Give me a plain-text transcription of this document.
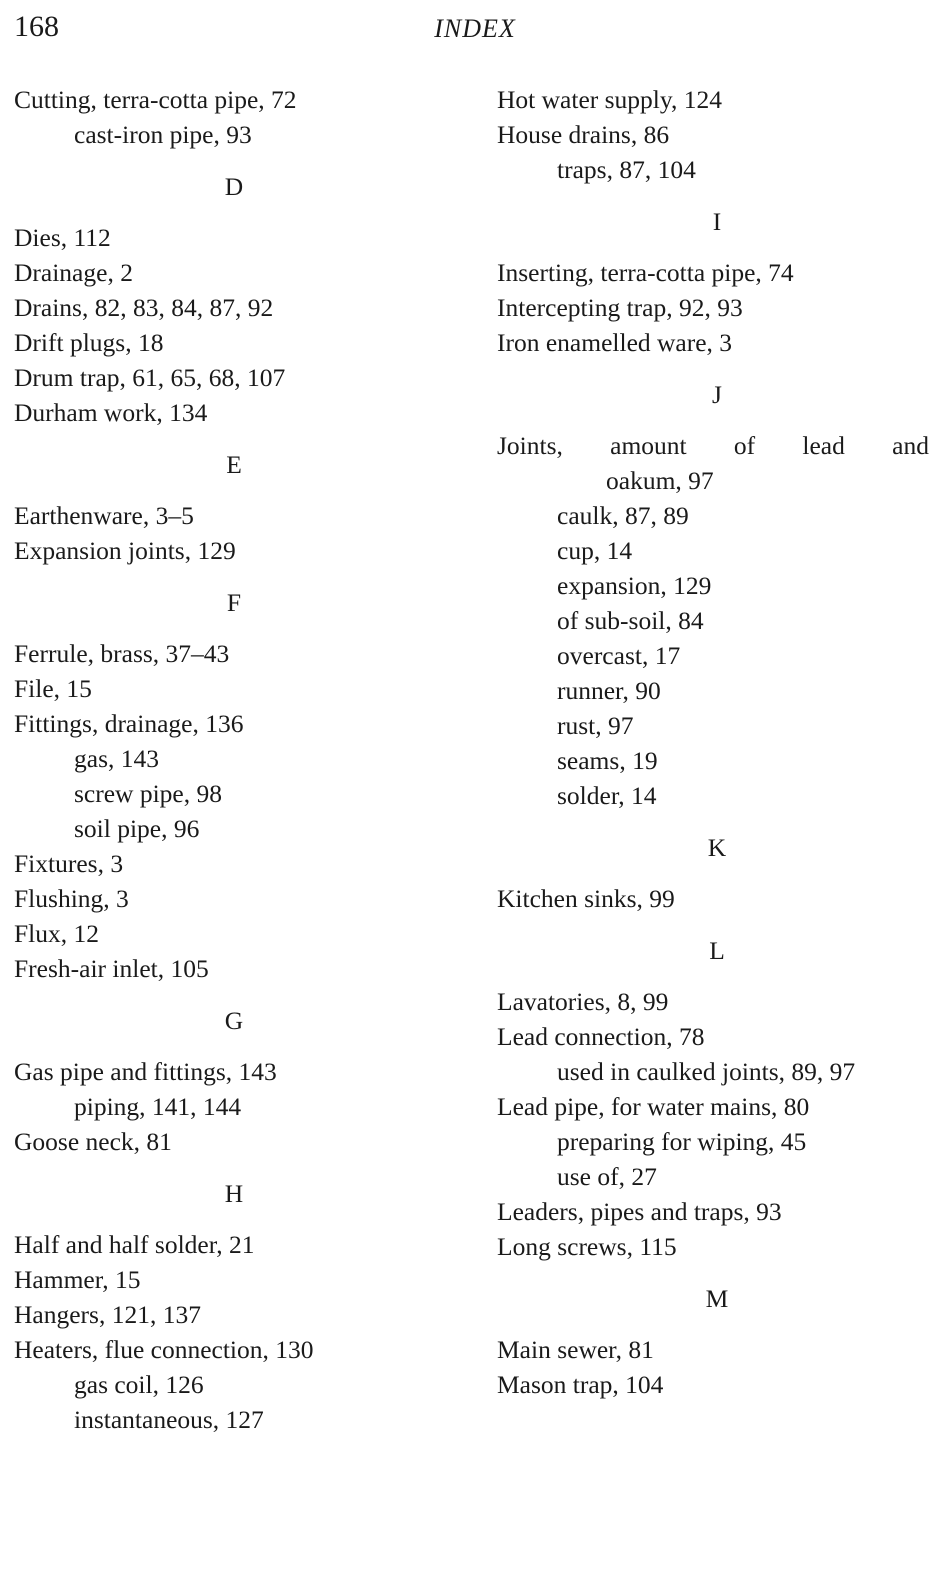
168	INDEX
Cutting, terra-cotta pipe, 72
cast-iron pipe, 93
D
Dies, 112
Drainage, 2
Drains, 82, 83, 84, 87, 92
Drift plugs, 18
Drum trap, 61, 65, 68, 107
Durham work, 134
E
Earthenware, 3–5
Expansion joints, 129
F
Ferrule, brass, 37–43
File, 15
Fittings, drainage, 136
gas, 143
screw pipe, 98
soil pipe, 96
Fixtures, 3
Flushing, 3
Flux, 12
Fresh-air inlet, 105
G
Gas pipe and fittings, 143
piping, 141, 144
Goose neck, 81
H
Half and half solder, 21
Hammer, 15
Hangers, 121, 137
Heaters, flue connection, 130
gas coil, 126
instantaneous, 127
Hot water supply, 124
House drains, 86
traps, 87, 104
I
Inserting, terra-cotta pipe, 74
Intercepting trap, 92, 93
Iron enamelled ware, 3
J
Joints, amount of lead and
oakum, 97
caulk, 87, 89
cup, 14
expansion, 129
of sub-soil, 84
overcast, 17
runner, 90
rust, 97
seams, 19
solder, 14
K
Kitchen sinks, 99
L
Lavatories, 8, 99
Lead connection, 78
used in caulked joints, 89, 97
Lead pipe, for water mains, 80
preparing for wiping, 45
use of, 27
Leaders, pipes and traps, 93
Long screws, 115
M
Main sewer, 81
Mason trap, 104
